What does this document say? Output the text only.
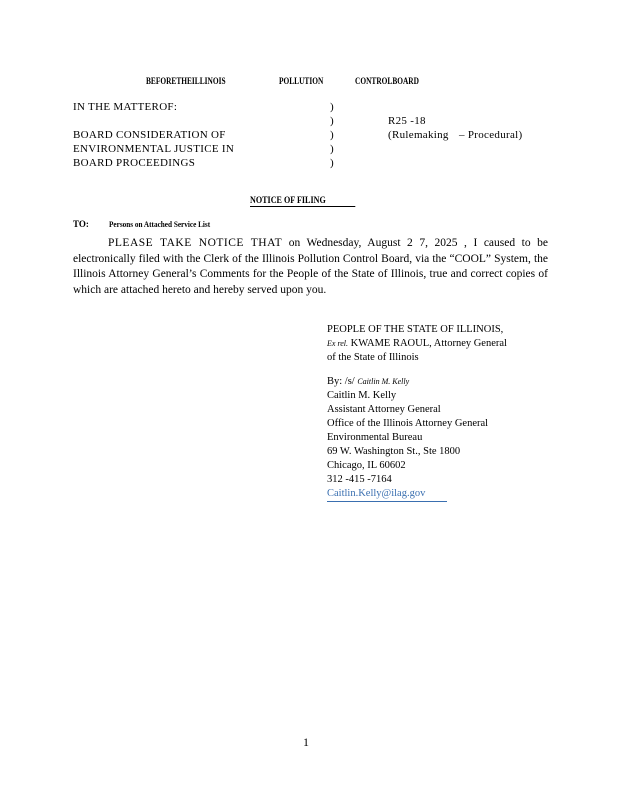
BEFORETHEILLINOIS	POLLUTION	CONTROLBOARD
IN THE MATTEROF:
BOARD CONSIDERATION OF
ENVIRONMENTAL JUSTICE IN
BOARD PROCEEDINGS
)
)
)
)
)
R25 -18
(Rulemaking – Procedural)
NOTICE OF FILING
TO: Persons on Attached Service List
PLEASE TAKE NOTICE THAT on Wednesday, August 2 7, 2025 , I caused to be electronically filed with the Clerk of the Illinois Pollution Control Board, via the “COOL” System, the Illinois Attorney General’s Comments for the People of the State of Illinois, true and correct copies of which are attached hereto and hereby served upon you.
PEOPLE OF THE STATE OF ILLINOIS,
Ex rel. KWAME RAOUL, Attorney General
of the State of Illinois
By: /s/ Caitlin M. Kelly
Caitlin M. Kelly
Assistant Attorney General
Office of the Illinois Attorney General
Environmental Bureau
69 W. Washington St., Ste 1800
Chicago, IL 60602
312 -415 -7164
Caitlin.Kelly@ilag.gov
1
